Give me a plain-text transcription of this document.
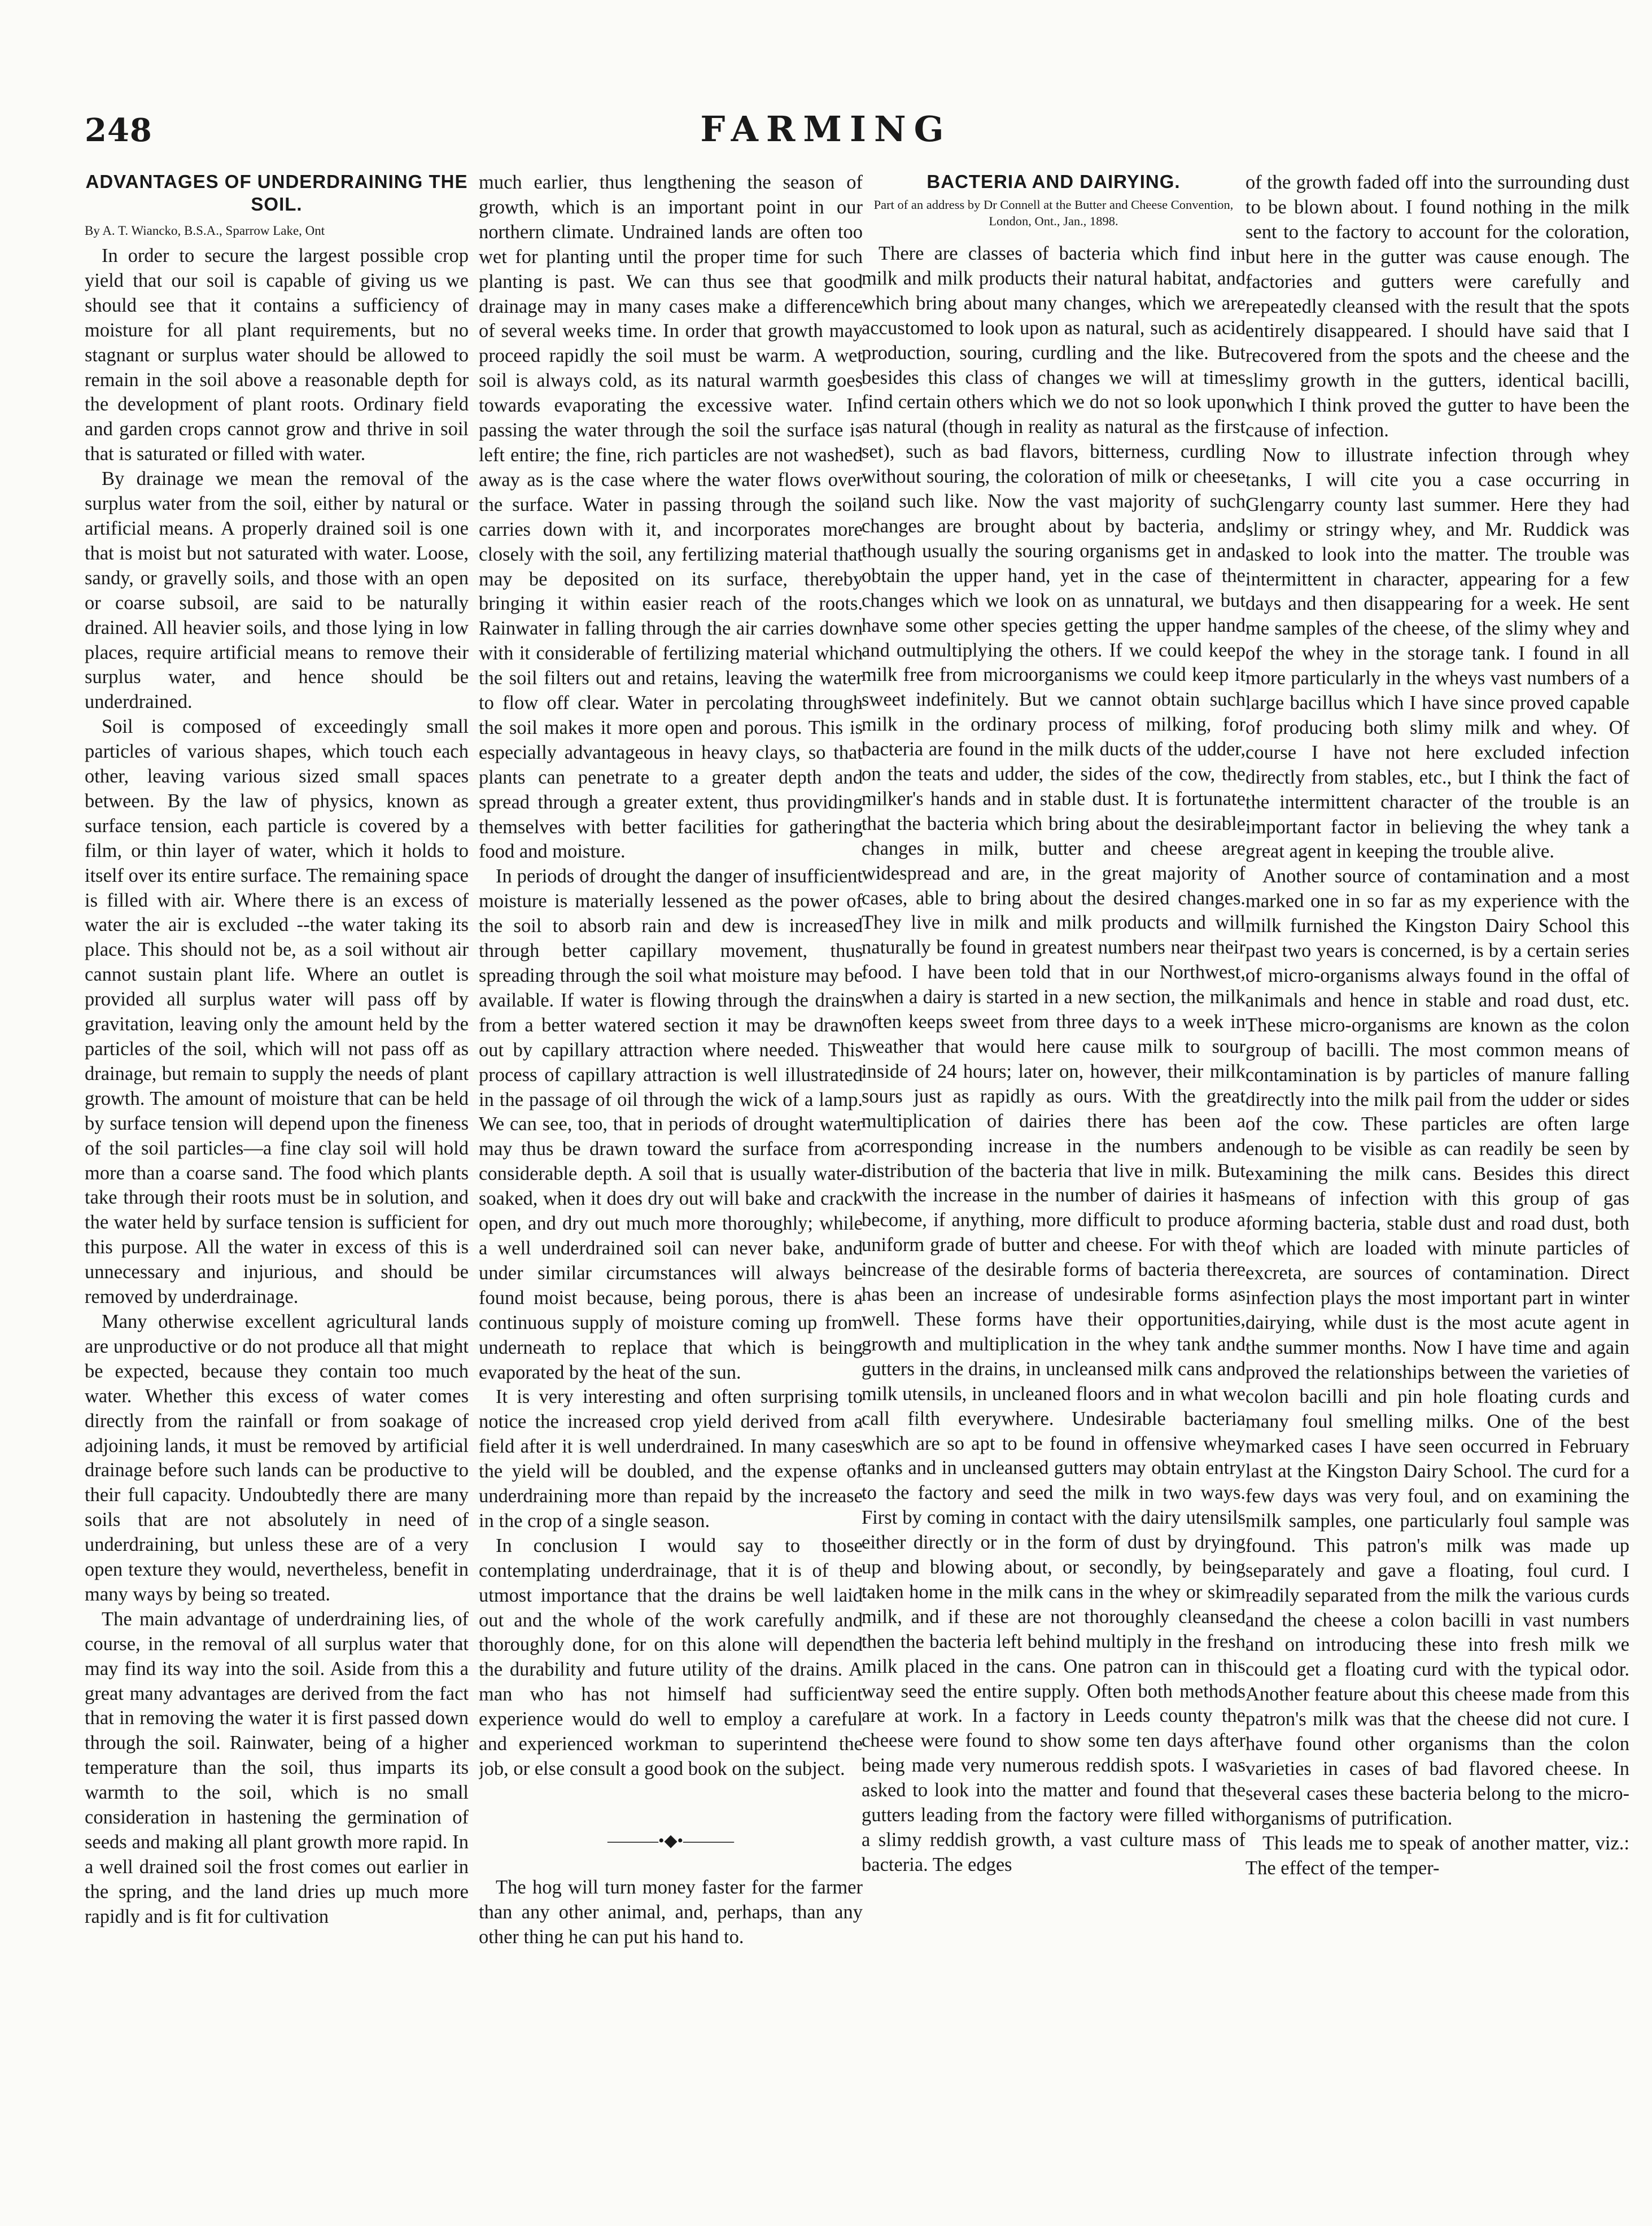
248	FARMING
ADVANTAGES OF UNDERDRAINING THE SOIL.
By A. T. Wiancko, B.S.A., Sparrow Lake, Ont

In order to secure the largest possible crop yield that our soil is capable of giving us we should see that it contains a sufficiency of moisture for all plant requirements, but no stagnant or surplus water should be allowed to remain in the soil above a reasonable depth for the development of plant roots. Ordinary field and garden crops cannot grow and thrive in soil that is saturated or filled with water.

By drainage we mean the removal of the surplus water from the soil, either by natural or artificial means. A properly drained soil is one that is moist but not saturated with water. Loose, sandy, or gravelly soils, and those with an open or coarse subsoil, are said to be naturally drained. All heavier soils, and those lying in low places, require artificial means to remove their surplus water, and hence should be underdrained.

Soil is composed of exceedingly small particles of various shapes, which touch each other, leaving various sized small spaces between. By the law of physics, known as surface tension, each particle is covered by a film, or thin layer of water, which it holds to itself over its entire surface. The remaining space is filled with air. Where there is an excess of water the air is excluded --the water taking its place. This should not be, as a soil without air cannot sustain plant life. Where an outlet is provided all surplus water will pass off by gravitation, leaving only the amount held by the particles of the soil, which will not pass off as drainage, but remain to supply the needs of plant growth. The amount of moisture that can be held by surface tension will depend upon the fineness of the soil particles—a fine clay soil will hold more than a coarse sand. The food which plants take through their roots must be in solution, and the water held by surface tension is sufficient for this purpose. All the water in excess of this is unnecessary and injurious, and should be removed by underdrainage.

Many otherwise excellent agricultural lands are unproductive or do not produce all that might be expected, because they contain too much water. Whether this excess of water comes directly from the rainfall or from soakage of adjoining lands, it must be removed by artificial drainage before such lands can be productive to their full capacity. Undoubtedly there are many soils that are not absolutely in need of underdraining, but unless these are of a very open texture they would, nevertheless, benefit in many ways by being so treated.

The main advantage of underdraining lies, of course, in the removal of all surplus water that may find its way into the soil. Aside from this a great many advantages are derived from the fact that in removing the water it is first passed down through the soil. Rainwater, being of a higher temperature than the soil, thus imparts its warmth to the soil, which is no small consideration in hastening the germination of seeds and making all plant growth more rapid. In a well drained soil the frost comes out earlier in the spring, and the land dries up much more rapidly and is fit for cultivation

much earlier, thus lengthening the season of growth, which is an important point in our northern climate. Undrained lands are often too wet for planting until the proper time for such planting is past. We can thus see that good drainage may in many cases make a difference of several weeks time. In order that growth may proceed rapidly the soil must be warm. A wet soil is always cold, as its natural warmth goes towards evaporating the excessive water. In passing the water through the soil the surface is left entire; the fine, rich particles are not washed away as is the case where the water flows over the surface. Water in passing through the soil carries down with it, and incorporates more closely with the soil, any fertilizing material that may be deposited on its surface, thereby bringing it within easier reach of the roots. Rainwater in falling through the air carries down with it considerable of fertilizing material which the soil filters out and retains, leaving the water to flow off clear. Water in percolating through the soil makes it more open and porous. This is especially advantageous in heavy clays, so that plants can penetrate to a greater depth and spread through a greater extent, thus providing themselves with better facilities for gathering food and moisture.

In periods of drought the danger of insufficient moisture is materially lessened as the power of the soil to absorb rain and dew is increased through better capillary movement, thus spreading through the soil what moisture may be available. If water is flowing through the drains from a better watered section it may be drawn out by capillary attraction where needed. This process of capillary attraction is well illustrated in the passage of oil through the wick of a lamp. We can see, too, that in periods of drought water may thus be drawn toward the surface from a considerable depth. A soil that is usually water-soaked, when it does dry out will bake and crack open, and dry out much more thoroughly; while a well underdrained soil can never bake, and under similar circumstances will always be found moist because, being porous, there is a continuous supply of moisture coming up from underneath to replace that which is being evaporated by the heat of the sun.

It is very interesting and often surprising to notice the increased crop yield derived from a field after it is well underdrained. In many cases the yield will be doubled, and the expense of underdraining more than repaid by the increase in the crop of a single season.

In conclusion I would say to those contemplating underdrainage, that it is of the utmost importance that the drains be well laid out and the whole of the work carefully and thoroughly done, for on this alone will depend the durability and future utility of the drains. A man who has not himself had sufficient experience would do well to employ a careful and experienced workman to superintend the job, or else consult a good book on the subject.

———•◆•———

The hog will turn money faster for the farmer than any other animal, and, perhaps, than any other thing he can put his hand to.

BACTERIA AND DAIRYING.
Part of an address by Dr Connell at the Butter and Cheese Convention, London, Ont., Jan., 1898.

There are classes of bacteria which find in milk and milk products their natural habitat, and which bring about many changes, which we are accustomed to look upon as natural, such as acid production, souring, curdling and the like. But besides this class of changes we will at times find certain others which we do not so look upon as natural (though in reality as natural as the first set), such as bad flavors, bitterness, curdling without souring, the coloration of milk or cheese and such like. Now the vast majority of such changes are brought about by bacteria, and though usually the souring organisms get in and obtain the upper hand, yet in the case of the changes which we look on as unnatural, we but have some other species getting the upper hand and outmultiplying the others. If we could keep milk free from microorganisms we could keep it sweet indefinitely. But we cannot obtain such milk in the ordinary process of milking, for bacteria are found in the milk ducts of the udder, on the teats and udder, the sides of the cow, the milker's hands and in stable dust. It is fortunate that the bacteria which bring about the desirable changes in milk, butter and cheese are widespread and are, in the great majority of cases, able to bring about the desired changes. They live in milk and milk products and will naturally be found in greatest numbers near their food. I have been told that in our Northwest, when a dairy is started in a new section, the milk often keeps sweet from three days to a week in weather that would here cause milk to sour inside of 24 hours; later on, however, their milk sours just as rapidly as ours. With the great multiplication of dairies there has been a corresponding increase in the numbers and distribution of the bacteria that live in milk. But with the increase in the number of dairies it has become, if anything, more difficult to produce a uniform grade of butter and cheese. For with the increase of the desirable forms of bacteria there has been an increase of undesirable forms as well. These forms have their opportunities, growth and multiplication in the whey tank and gutters in the drains, in uncleansed milk cans and milk utensils, in uncleaned floors and in what we call filth everywhere. Undesirable bacteria which are so apt to be found in offensive whey tanks and in uncleansed gutters may obtain entry to the factory and seed the milk in two ways. First by coming in contact with the dairy utensils either directly or in the form of dust by drying up and blowing about, or secondly, by being taken home in the milk cans in the whey or skim milk, and if these are not thoroughly cleansed then the bacteria left behind multiply in the fresh milk placed in the cans. One patron can in this way seed the entire supply. Often both methods are at work. In a factory in Leeds county the cheese were found to show some ten days after being made very numerous reddish spots. I was asked to look into the matter and found that the gutters leading from the factory were filled with a slimy reddish growth, a vast culture mass of bacteria. The edges

of the growth faded off into the surrounding dust to be blown about. I found nothing in the milk sent to the factory to account for the coloration, but here in the gutter was cause enough. The factories and gutters were carefully and repeatedly cleansed with the result that the spots entirely disappeared. I should have said that I recovered from the spots and the cheese and the slimy growth in the gutters, identical bacilli, which I think proved the gutter to have been the cause of infection.

Now to illustrate infection through whey tanks, I will cite you a case occurring in Glengarry county last summer. Here they had slimy or stringy whey, and Mr. Ruddick was asked to look into the matter. The trouble was intermittent in character, appearing for a few days and then disappearing for a week. He sent me samples of the cheese, of the slimy whey and of the whey in the storage tank. I found in all more particularly in the wheys vast numbers of a large bacillus which I have since proved capable of producing both slimy milk and whey. Of course I have not here excluded infection directly from stables, etc., but I think the fact of the intermittent character of the trouble is an important factor in believing the whey tank a great agent in keeping the trouble alive.

Another source of contamination and a most marked one in so far as my experience with the milk furnished the Kingston Dairy School this past two years is concerned, is by a certain series of micro-organisms always found in the offal of animals and hence in stable and road dust, etc. These micro-organisms are known as the colon group of bacilli. The most common means of contamination is by particles of manure falling directly into the milk pail from the udder or sides of the cow. These particles are often large enough to be visible as can readily be seen by examining the milk cans. Besides this direct means of infection with this group of gas forming bacteria, stable dust and road dust, both of which are loaded with minute particles of excreta, are sources of contamination. Direct infection plays the most important part in winter dairying, while dust is the most acute agent in the summer months. Now I have time and again proved the relationships between the varieties of colon bacilli and pin hole floating curds and many foul smelling milks. One of the best marked cases I have seen occurred in February last at the Kingston Dairy School. The curd for a few days was very foul, and on examining the milk samples, one particularly foul sample was found. This patron's milk was made up separately and gave a floating, foul curd. I readily separated from the milk the various curds and the cheese a colon bacilli in vast numbers and on introducing these into fresh milk we could get a floating curd with the typical odor. Another feature about this cheese made from this patron's milk was that the cheese did not cure. I have found other organisms than the colon varieties in cases of bad flavored cheese. In several cases these bacteria belong to the micro-organisms of putrification.

This leads me to speak of another matter, viz.: The effect of the temper-
